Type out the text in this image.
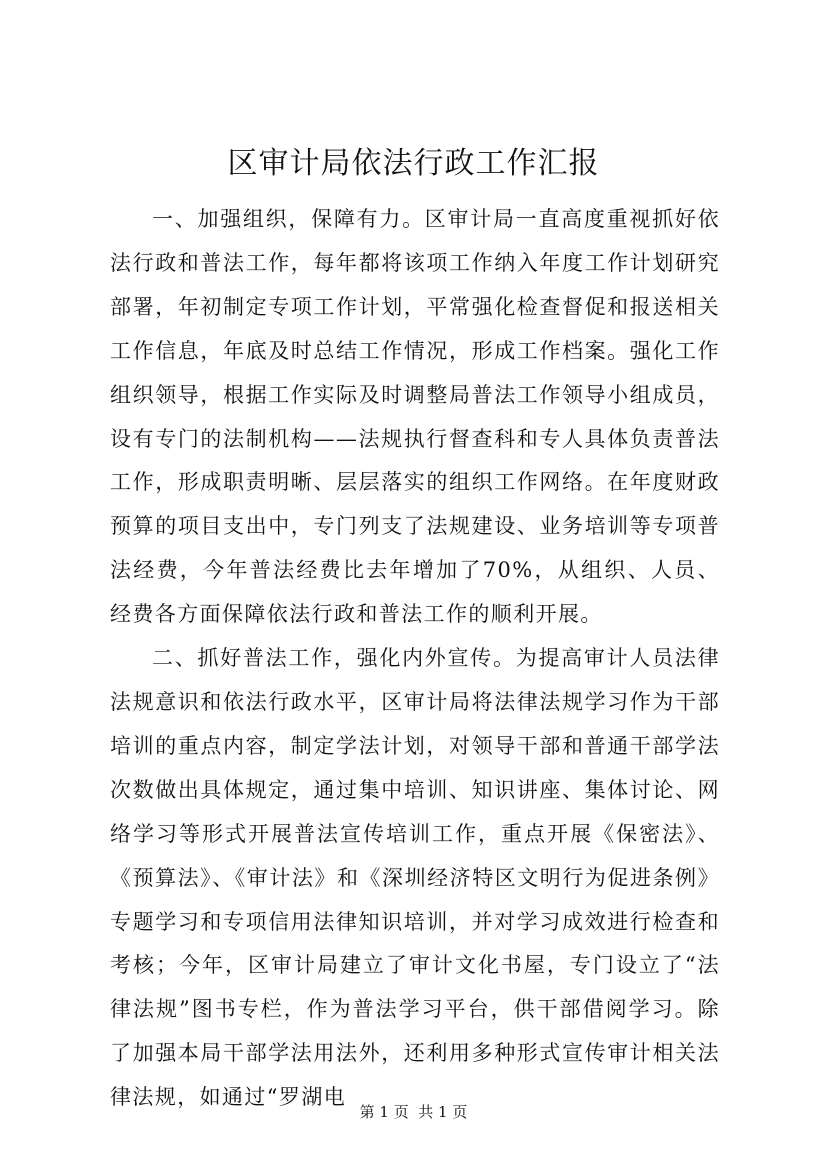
区审计局依法行政工作汇报

一、加强组织，保障有力。区审计局一直高度重视抓好依法行政和普法工作，每年都将该项工作纳入年度工作计划研究部署，年初制定专项工作计划，平常强化检查督促和报送相关工作信息，年底及时总结工作情况，形成工作档案。强化工作组织领导，根据工作实际及时调整局普法工作领导小组成员，设有专门的法制机构——法规执行督查科和专人具体负责普法工作，形成职责明晰、层层落实的组织工作网络。在年度财政预算的项目支出中，专门列支了法规建设、业务培训等专项普法经费，今年普法经费比去年增加了70%，从组织、人员、经费各方面保障依法行政和普法工作的顺利开展。

二、抓好普法工作，强化内外宣传。为提高审计人员法律法规意识和依法行政水平，区审计局将法律法规学习作为干部培训的重点内容，制定学法计划，对领导干部和普通干部学法次数做出具体规定，通过集中培训、知识讲座、集体讨论、网络学习等形式开展普法宣传培训工作，重点开展《保密法》、《预算法》、《审计法》和《深圳经济特区文明行为促进条例》专题学习和专项信用法律知识培训，并对学习成效进行检查和考核；今年，区审计局建立了审计文化书屋，专门设立了“法律法规”图书专栏，作为普法学习平台，供干部借阅学习。除了加强本局干部学法用法外，还利用多种形式宣传审计相关法律法规，如通过“罗湖电

第 1 页  共 1 页
